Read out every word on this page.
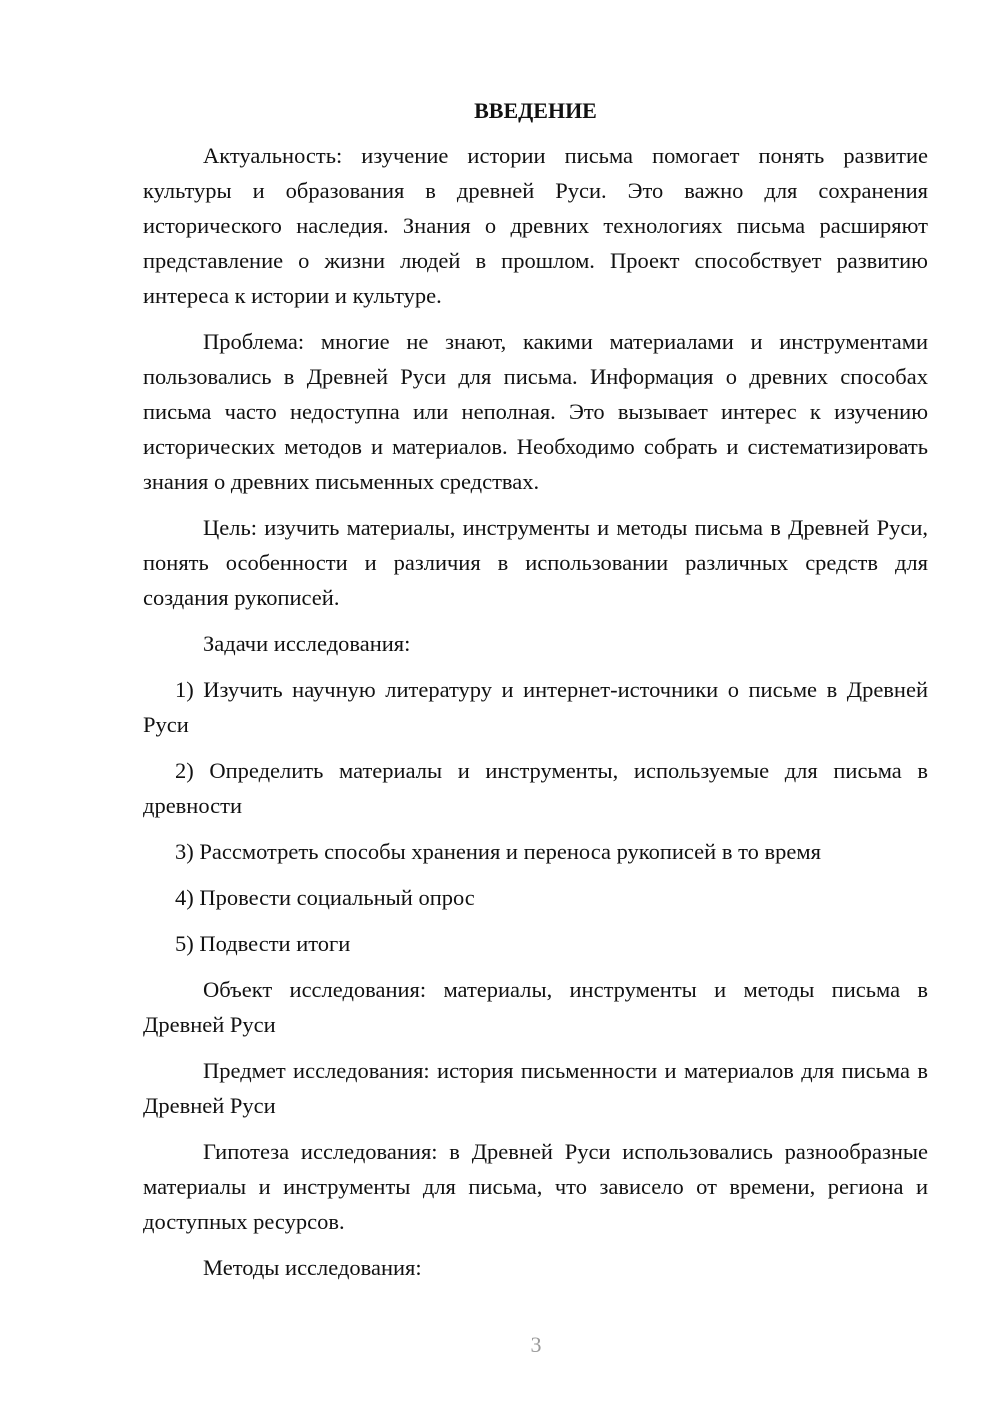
ВВЕДЕНИЕ

Актуальность: изучение истории письма помогает понять развитие культуры и образования в древней Руси. Это важно для сохранения исторического наследия. Знания о древних технологиях письма расширяют представление о жизни людей в прошлом. Проект способствует развитию интереса к истории и культуре.

Проблема: многие не знают, какими материалами и инструментами пользовались в Древней Руси для письма. Информация о древних способах письма часто недоступна или неполная. Это вызывает интерес к изучению исторических методов и материалов. Необходимо собрать и систематизировать знания о древних письменных средствах.

Цель: изучить материалы, инструменты и методы письма в Древней Руси, понять особенности и различия в использовании различных средств для создания рукописей.

Задачи исследования:

1) Изучить научную литературу и интернет-источники о письме в Древней Руси

2) Определить материалы и инструменты, используемые для письма в древности

3) Рассмотреть способы хранения и переноса рукописей в то время

4) Провести социальный опрос

5) Подвести итоги

Объект исследования: материалы, инструменты и методы письма в Древней Руси

Предмет исследования: история письменности и материалов для письма в Древней Руси

Гипотеза исследования: в Древней Руси использовались разнообразные материалы и инструменты для письма, что зависело от времени, региона и доступных ресурсов.

Методы исследования:

3
